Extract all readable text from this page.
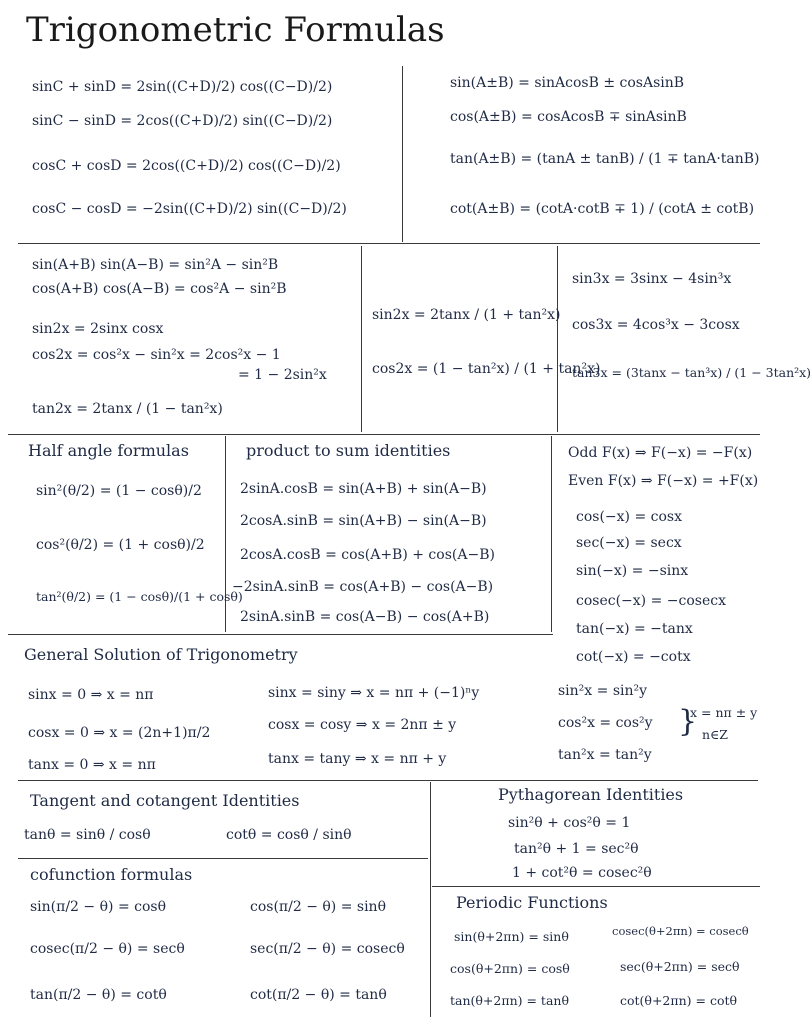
Trigonometric Formulas
sinC + sinD = 2sin((C+D)/2) cos((C−D)/2)
sinC − sinD = 2cos((C+D)/2) sin((C−D)/2)
cosC + cosD = 2cos((C+D)/2) cos((C−D)/2)
cosC − cosD = −2sin((C+D)/2) sin((C−D)/2)
sin(A±B) = sinAcosB ± cosAsinB
cos(A±B) = cosAcosB ∓ sinAsinB
tan(A±B) = (tanA ± tanB) / (1 ∓ tanA·tanB)
cot(A±B) = (cotA·cotB ∓ 1) / (cotA ± cotB)
sin(A+B) sin(A−B) = sin²A − sin²B
cos(A+B) cos(A−B) = cos²A − sin²B
sin2x = 2sinx cosx
cos2x = cos²x − sin²x = 2cos²x − 1
= 1 − 2sin²x
tan2x = 2tanx / (1 − tan²x)
sin2x = 2tanx / (1 + tan²x)
cos2x = (1 − tan²x) / (1 + tan²x)
sin3x = 3sinx − 4sin³x
cos3x = 4cos³x − 3cosx
tan3x = (3tanx − tan³x) / (1 − 3tan²x)
Half angle formulas
sin²(θ/2) = (1 − cosθ)/2
cos²(θ/2) = (1 + cosθ)/2
tan²(θ/2) = (1 − cosθ)/(1 + cosθ)
product to sum identities
2sinA.cosB = sin(A+B) + sin(A−B)
2cosA.sinB = sin(A+B) − sin(A−B)
2cosA.cosB = cos(A+B) + cos(A−B)
−2sinA.sinB = cos(A+B) − cos(A−B)
2sinA.sinB = cos(A−B) − cos(A+B)
Odd F(x) ⇒ F(−x) = −F(x)
Even F(x) ⇒ F(−x) = +F(x)
cos(−x) = cosx
sec(−x) = secx
sin(−x) = −sinx
cosec(−x) = −cosecx
tan(−x) = −tanx
cot(−x) = −cotx
General Solution of Trigonometry
sinx = 0 ⇒ x = nπ
cosx = 0 ⇒ x = (2n+1)π/2
tanx = 0 ⇒ x = nπ
sinx = siny ⇒ x = nπ + (−1)ⁿy
cosx = cosy ⇒ x = 2nπ ± y
tanx = tany ⇒ x = nπ + y
sin²x = sin²y
cos²x = cos²y
tan²x = tan²y
}
x = nπ ± y
n∈Z
Tangent and cotangent Identities
tanθ = sinθ / cosθ	cotθ = cosθ / sinθ
Pythagorean Identities
sin²θ + cos²θ = 1
tan²θ + 1 = sec²θ
1 + cot²θ = cosec²θ
cofunction formulas
sin(π/2 − θ) = cosθ	cos(π/2 − θ) = sinθ
cosec(π/2 − θ) = secθ	sec(π/2 − θ) = cosecθ
tan(π/2 − θ) = cotθ	cot(π/2 − θ) = tanθ
Periodic Functions
sin(θ+2πn) = sinθ	cosec(θ+2πn) = cosecθ
cos(θ+2πn) = cosθ	sec(θ+2πn) = secθ
tan(θ+2πn) = tanθ	cot(θ+2πn) = cotθ
